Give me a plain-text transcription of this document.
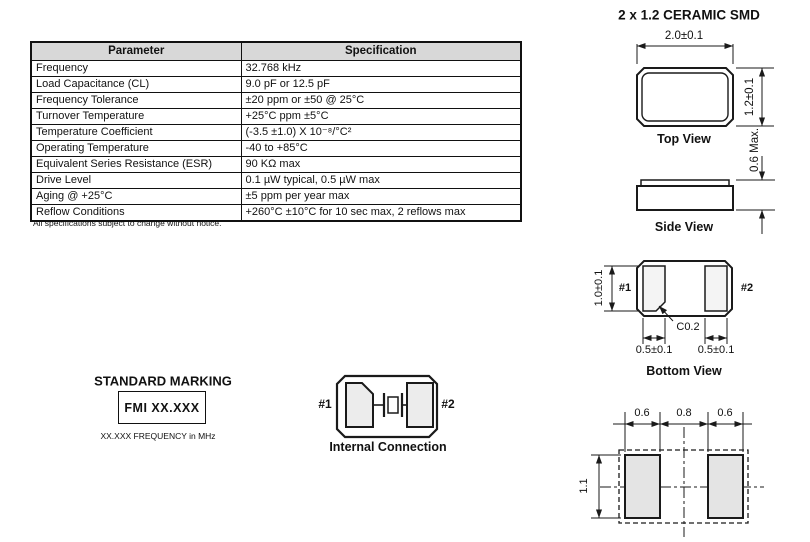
Parameter	Specification
Frequency	32.768 kHz
Load Capacitance (CL)	9.0 pF or 12.5 pF
Frequency Tolerance	±20 ppm or ±50 @ 25°C
Turnover Temperature	+25°C ppm ±5°C
Temperature Coefficient	(-3.5 ±1.0) X 10⁻⁸/°C²
Operating Temperature	-40 to +85°C
Equivalent Series Resistance (ESR)	90 KΩ max
Drive Level	0.1 µW typical, 0.5 µW max
Aging @ +25°C	±5 ppm per year max
Reflow Conditions	+260°C ±10°C for 10 sec max, 2 reflows max
All specifications subject to change without notice.
2 x 1.2 CERAMIC SMD
2.0±0.1
1.2±0.1
Top View	0.6 Max.
Side View
#1	#2
1.0±0.1
C0.2
0.5±0.1 0.5±0.1
Bottom View
0.6 0.8 0.6
1.1
#1	#2
Internal Connection
STANDARD MARKING
FMI XX.XXX
XX.XXX FREQUENCY in MHz
